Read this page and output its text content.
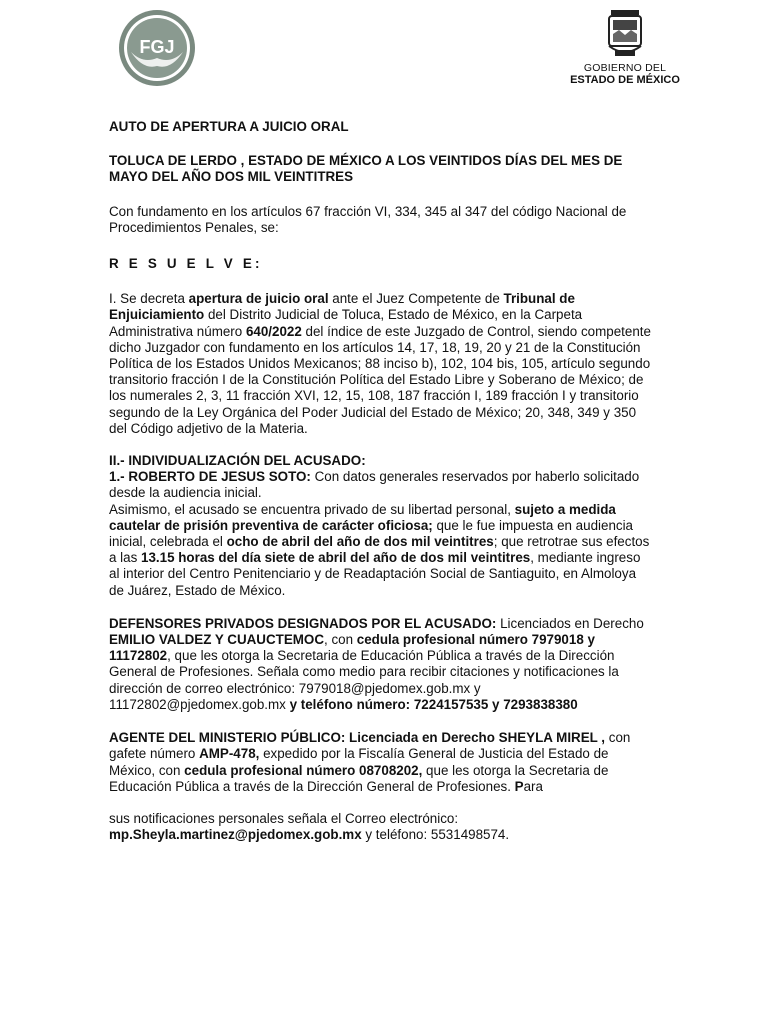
FGJ
GOBIERNO DEL
ESTADO DE MÉXICO

AUTO DE APERTURA A JUICIO ORAL

TOLUCA DE LERDO , ESTADO DE MÉXICO A LOS VEINTIDOS DÍAS DEL MES DE MAYO DEL AÑO DOS MIL VEINTITRES

Con fundamento en los artículos 67 fracción VI, 334, 345 al 347 del código Nacional de Procedimientos Penales, se:

R E S U E L V E:

I. Se decreta apertura de juicio oral ante el Juez Competente de Tribunal de Enjuiciamiento del Distrito Judicial de Toluca, Estado de México, en la Carpeta Administrativa número 640/2022 del índice de este Juzgado de Control, siendo competente dicho Juzgador con fundamento en los artículos 14, 17, 18, 19, 20 y 21 de la Constitución Política de los Estados Unidos Mexicanos; 88 inciso b), 102, 104 bis, 105, artículo segundo transitorio fracción I de la Constitución Política del Estado Libre y Soberano de México; de los numerales 2, 3, 11 fracción XVI, 12, 15, 108, 187 fracción I, 189 fracción I y transitorio segundo de la Ley Orgánica del Poder Judicial del Estado de México; 20, 348, 349 y 350 del Código adjetivo de la Materia.

II.- INDIVIDUALIZACIÓN DEL ACUSADO:

1.- ROBERTO DE JESUS SOTO: Con datos generales reservados por haberlo solicitado desde la audiencia inicial.

Asimismo, el acusado se encuentra privado de su libertad personal, sujeto a medida cautelar de prisión preventiva de carácter oficiosa; que le fue impuesta en audiencia inicial, celebrada el ocho de abril del año de dos mil veintitres; que retrotrae sus efectos a las 13.15 horas del día siete de abril del año de dos mil veintitres, mediante ingreso al interior del Centro Penitenciario y de Readaptación Social de Santiaguito, en Almoloya de Juárez, Estado de México.

DEFENSORES PRIVADOS DESIGNADOS POR EL ACUSADO: Licenciados en Derecho EMILIO VALDEZ Y CUAUCTEMOC, con cedula profesional número 7979018 y 11172802, que les otorga la Secretaria de Educación Pública a través de la Dirección General de Profesiones. Señala como medio para recibir citaciones y notificaciones la dirección de correo electrónico: 7979018@pjedomex.gob.mx y 11172802@pjedomex.gob.mx y teléfono número: 7224157535 y 7293838380

AGENTE DEL MINISTERIO PÚBLICO: Licenciada en Derecho SHEYLA MIREL , con gafete número AMP-478, expedido por la Fiscalía General de Justicia del Estado de México, con cedula profesional número 08708202, que les otorga la Secretaria de Educación Pública a través de la Dirección General de Profesiones. Para

sus notificaciones personales señala el Correo electrónico: mp.Sheyla.martinez@pjedomex.gob.mx y teléfono: 5531498574.
